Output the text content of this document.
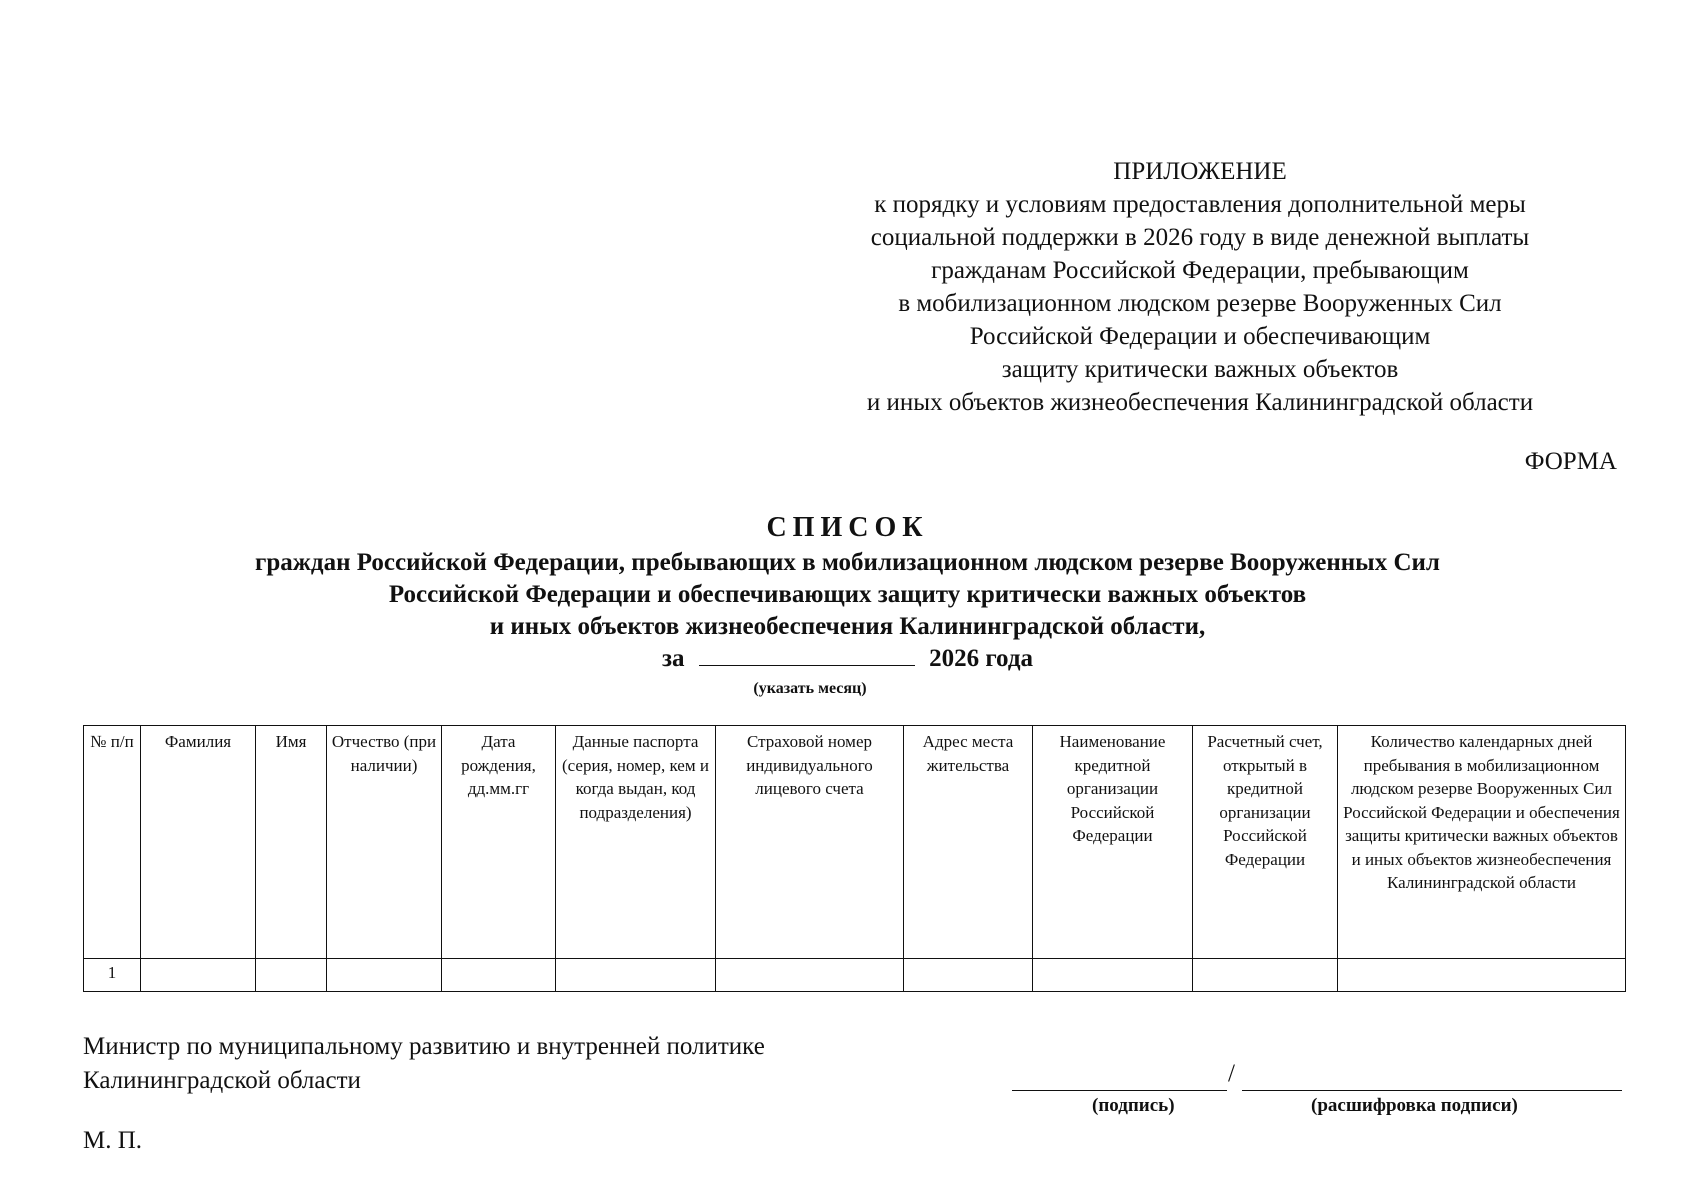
ПРИЛОЖЕНИЕ
к порядку и условиям предоставления дополнительной меры
социальной поддержки в 2026 году в виде денежной выплаты
гражданам Российской Федерации, пребывающим
в мобилизационном людском резерве Вооруженных Сил
Российской Федерации и обеспечивающим
защиту критически важных объектов
и иных объектов жизнеобеспечения Калининградской области
ФОРМА
СПИСОК
граждан Российской Федерации, пребывающих в мобилизационном людском резерве Вооруженных Сил
Российской Федерации и обеспечивающих защиту критически важных объектов
и иных объектов жизнеобеспечения Калининградской области,
за	2026 года
(указать месяц)
№ п/п	Фамилия	Имя	Отчество (при наличии)	Дата рождения, дд.мм.гг	Данные паспорта (серия, номер, кем и когда выдан, код подразделения)	Страховой номер индивидуального лицевого счета	Адрес места жительства	Наименование кредитной организации Российской Федерации	Расчетный счет, открытый в кредитной организации Российской Федерации	Количество календарных дней пребывания в мобилизационном людском резерве Вооруженных Сил Российской Федерации и обеспечения защиты критически важных объектов и иных объектов жизнеобеспечения Калининградской области
1										
Министр по муниципальному развитию и внутренней политике
Калининградской области	/
(подпись)	(расшифровка подписи)
М. П.
